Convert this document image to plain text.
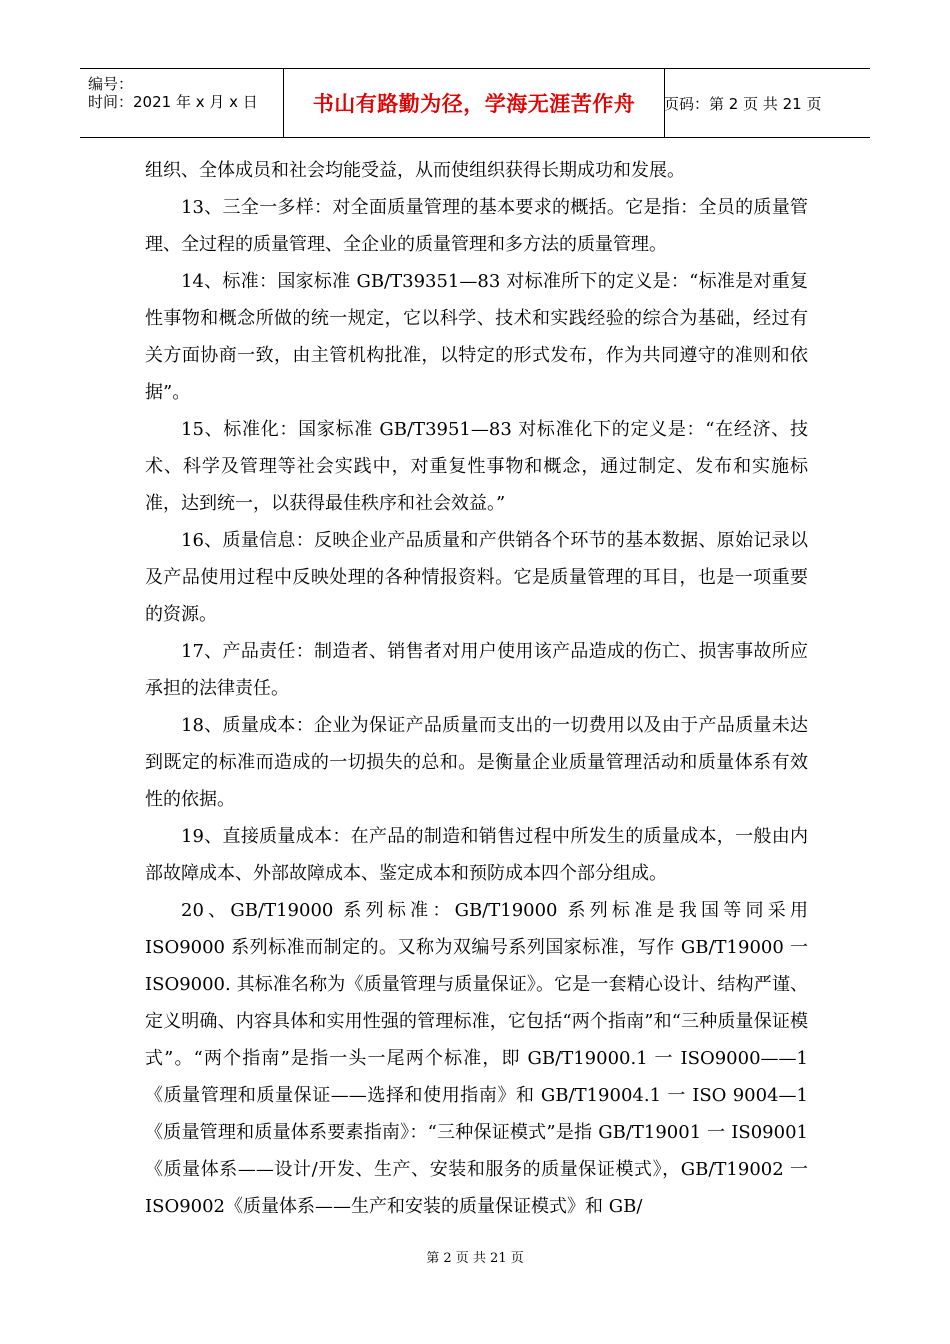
编号：
时间：2021 年 x 月 x 日	书山有路勤为径，学海无涯苦作舟 页码：第 2 页 共 21 页

组织、全体成员和社会均能受益，从而使组织获得长期成功和发展。

13、三全一多样：对全面质量管理的基本要求的概括。它是指：全员的质量管理、全过程的质量管理、全企业的质量管理和多方法的质量管理。

14、标准：国家标准 GB/T39351—83 对标准所下的定义是：“标准是对重复性事物和概念所做的统一规定，它以科学、技术和实践经验的综合为基础，经过有关方面协商一致，由主管机构批准，以特定的形式发布，作为共同遵守的准则和依据”。

15、标准化：国家标准 GB/T3951—83 对标准化下的定义是：“在经济、技术、科学及管理等社会实践中，对重复性事物和概念，通过制定、发布和实施标准，达到统一，以获得最佳秩序和社会效益。”

16、质量信息：反映企业产品质量和产供销各个环节的基本数据、原始记录以及产品使用过程中反映处理的各种情报资料。它是质量管理的耳目，也是一项重要的资源。

17、产品责任：制造者、销售者对用户使用该产品造成的伤亡、损害事故所应承担的法律责任。

18、质量成本：企业为保证产品质量而支出的一切费用以及由于产品质量未达到既定的标准而造成的一切损失的总和。是衡量企业质量管理活动和质量体系有效性的依据。

19、直接质量成本：在产品的制造和销售过程中所发生的质量成本，一般由内部故障成本、外部故障成本、鉴定成本和预防成本四个部分组成。

20、GB/T19000 系列标准：GB/T19000 系列标准是我国等同采用 ISO9000 系列标准而制定的。又称为双编号系列国家标准，写作 GB/T19000 一 ISO9000. 其标准名称为《质量管理与质量保证》。它是一套精心设计、结构严谨、定义明确、内容具体和实用性强的管理标准，它包括“两个指南”和“三种质量保证模式”。“两个指南”是指一头一尾两个标准，即 GB/T19000.1 一 ISO9000——1《质量管理和质量保证——选择和使用指南》和 GB/T19004.1 一 ISO 9004—1《质量管理和质量体系要素指南》：“三种保证模式”是指 GB/T19001 一 IS09001《质量体系——设计/开发、生产、安装和服务的质量保证模式》，GB/T19002 一 ISO9002《质量体系——生产和安装的质量保证模式》和 GB/

第 2 页 共 21 页
